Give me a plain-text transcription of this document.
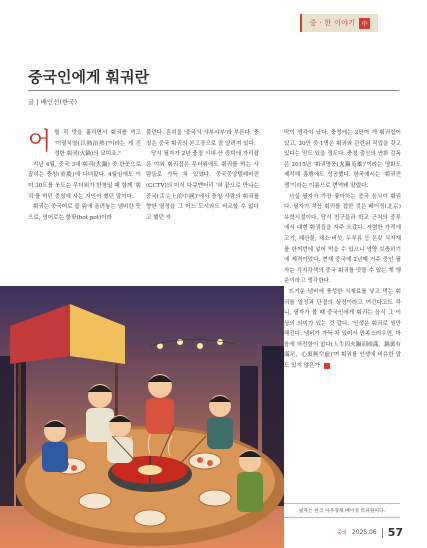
중 · 한 이야기	中
중국인에게 훠궈란
글 | 배인선(한국)

어릴 적 맛을 흘리면서 훠궈를 먹고 '이열치열(以熱治熱)'이라는 게 진정한 훠궈(火鍋)의 묘미죠."

지난 4월, 중국 3대 훠궈(火鍋) 중 한곳으로 꼽히는 충칭(重慶)에 다녀왔다. 4월임에도 이미 30도를 웃도는 무더위가 한창일 때 함께 '훠궈'를 먹던 중칭에 사는 지인이 했던 말이다.

훠궈는 중국어로 불 위에 올려놓는 냄비란 뜻으로, 영어로는 핫팟(hot pot)이라

불린다. 흔히들 '중국식 샤부샤부'라 부른다. 충칭은 중국 훠궈의 본고장으로 잘 알려져 있다.

당시 필자가 2년 충칭 시내 산 중턱에 자리잡은 야외 훠궈집은 무더위에도 훠궈를 먹는 사람들로 가득 차 있었다. 중국중앙텔레비전(CCTV)의 미식 다큐멘터리 '혀 끝으로 만나는 중국(舌尖上的中國)'에서 충칭 사람의 훠궈를 향한 열정을 그 어느 도시와도 비교할 수 없다고 했던 자

막이 생각이 났다. 충칭에는 2만여 개 훠궈집이 있고, 30만 중 1명은 훠궈와 관련된 직업을 갖고 있다는 믿도 있을 정도다. 충칭 출신의 연화 감독은 2015년 '훠궈영웅(火鍋英雄)'이라는 영화도 제작해 흥행에도 성공했다. 한국에서는 '훠궈전쟁'이라는 이름으로 번역돼 알렸다.

사실 필자가 가장 좋아하는 중국 음식이 훠궈다. 필자가 처음 훠궈를 접한 것은 베이징(北京) 유학시절이다. 당시 친구들과 학교 근처의 중루에서 대형 훠궈집을 자주 오갔다. 저렴한 가격에 고기, 해산물, 채소·버섯, 두부류 등 온갖 식자재를 한꺼번에 넣어 먹을 수 있으니 영양 보충하기에 제격이었다. 현재 중국에 2년째 거주 중인 필자는 각지각색의 중국 훠궈를 맛볼 수 있는 게 행운이라고 생각한다.

뜨거운 냄비에 풍성한 식재료를 넣고 먹는 훠궈를 열정과 단결의 상징이라고 여긴다고도 하니, 필자가 볼 때 중국인에게 훠궈는 음식 그 이상의 의미가 있는 것 같다. '인생은 훠궈로 원만해진다. 냄비가 가득 차 있어서 만족스러우면, 마음에 허전함이 없다(人生因火鍋而圓滿，鍋裏有滿足，心裏無空虛)'며 훠궈를 인생에 비유한 말도 있지 않은가.

필자는 한국 아주경제 베이징 특파원이다.
중국 2025.06 57
